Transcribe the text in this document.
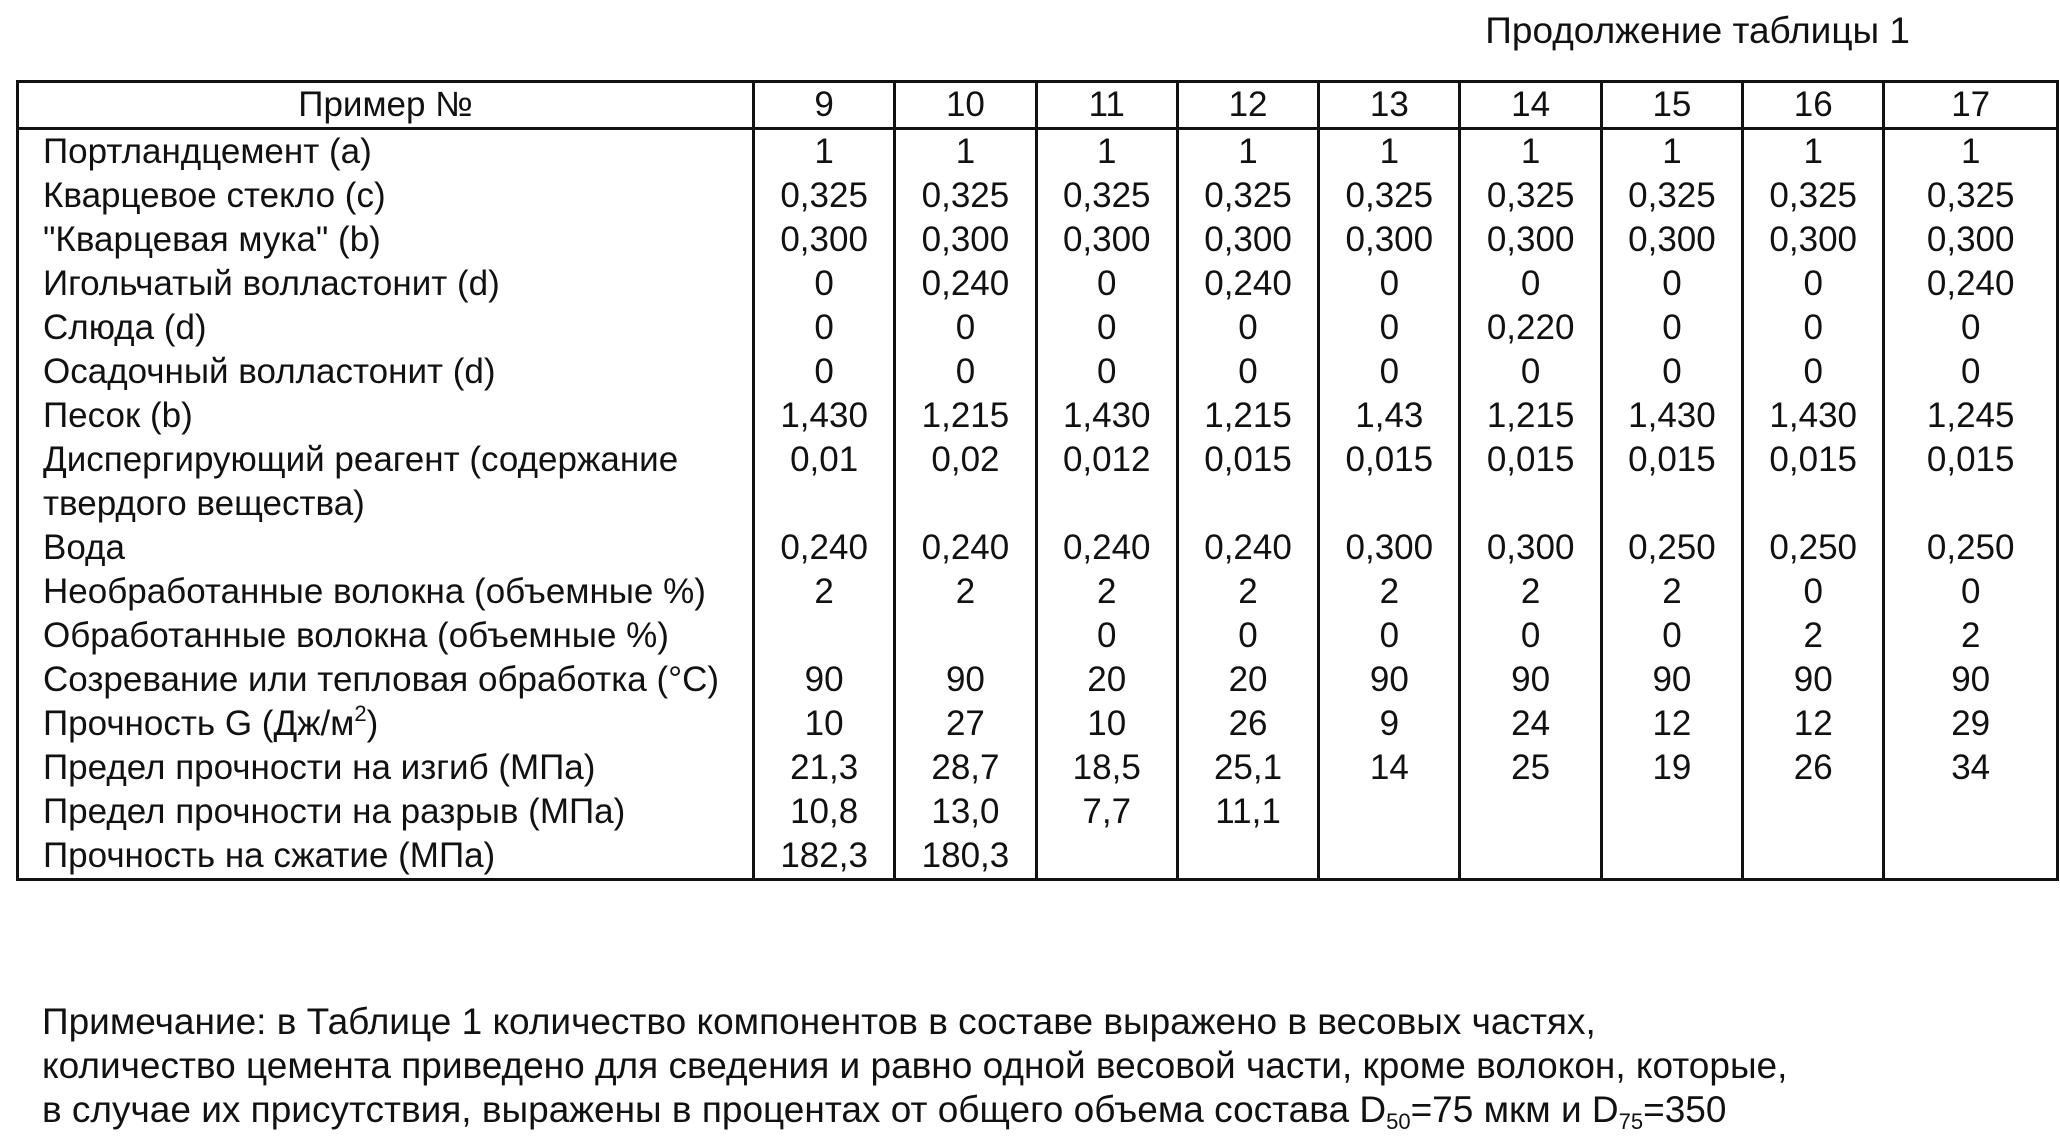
Продолжение таблицы 1
Пример №	9	10	11	12	13	14	15	16	17
Портландцемент (a)	1	1	1	1	1	1	1	1	1
Кварцевое стекло (c)	0,325	0,325	0,325	0,325	0,325	0,325	0,325	0,325	0,325
"Кварцевая мука" (b)	0,300	0,300	0,300	0,300	0,300	0,300	0,300	0,300	0,300
Игольчатый волластонит (d)	0	0,240	0	0,240	0	0	0	0	0,240
Слюда (d)	0	0	0	0	0	0,220	0	0	0
Осадочный волластонит (d)	0	0	0	0	0	0	0	0	0
Песок (b)	1,430	1,215	1,430	1,215	1,43	1,215	1,430	1,430	1,245
Диспергирующий реагент (содержание твердого вещества)	0,01	0,02	0,012	0,015	0,015	0,015	0,015	0,015	0,015
Вода	0,240	0,240	0,240	0,240	0,300	0,300	0,250	0,250	0,250
Необработанные волокна (объемные %)	2	2	2	2	2	2	2	0	0
Обработанные волокна (объемные %)			0	0	0	0	0	2	2
Созревание или тепловая обработка (°C)	90	90	20	20	90	90	90	90	90
Прочность G $(Дж/м^2)$	10	27	10	26	9	24	12	12	29
Предел прочности на изгиб (МПа)	21,3	28,7	18,5	25,1	14	25	19	26	34
Предел прочности на разрыв (МПа)	10,8	13,0	7,7	11,1					
Прочность на сжатие (МПа)	182,3	180,3							
Примечание: в Таблице 1 количество компонентов в составе выражено в весовых частях,
количество цемента приведено для сведения и равно одной весовой части, кроме волокон, которые,
в случае их присутствия, выражены в процентах от общего объема состава $D_{50}=75$ мкм и $D_{75}=350$
